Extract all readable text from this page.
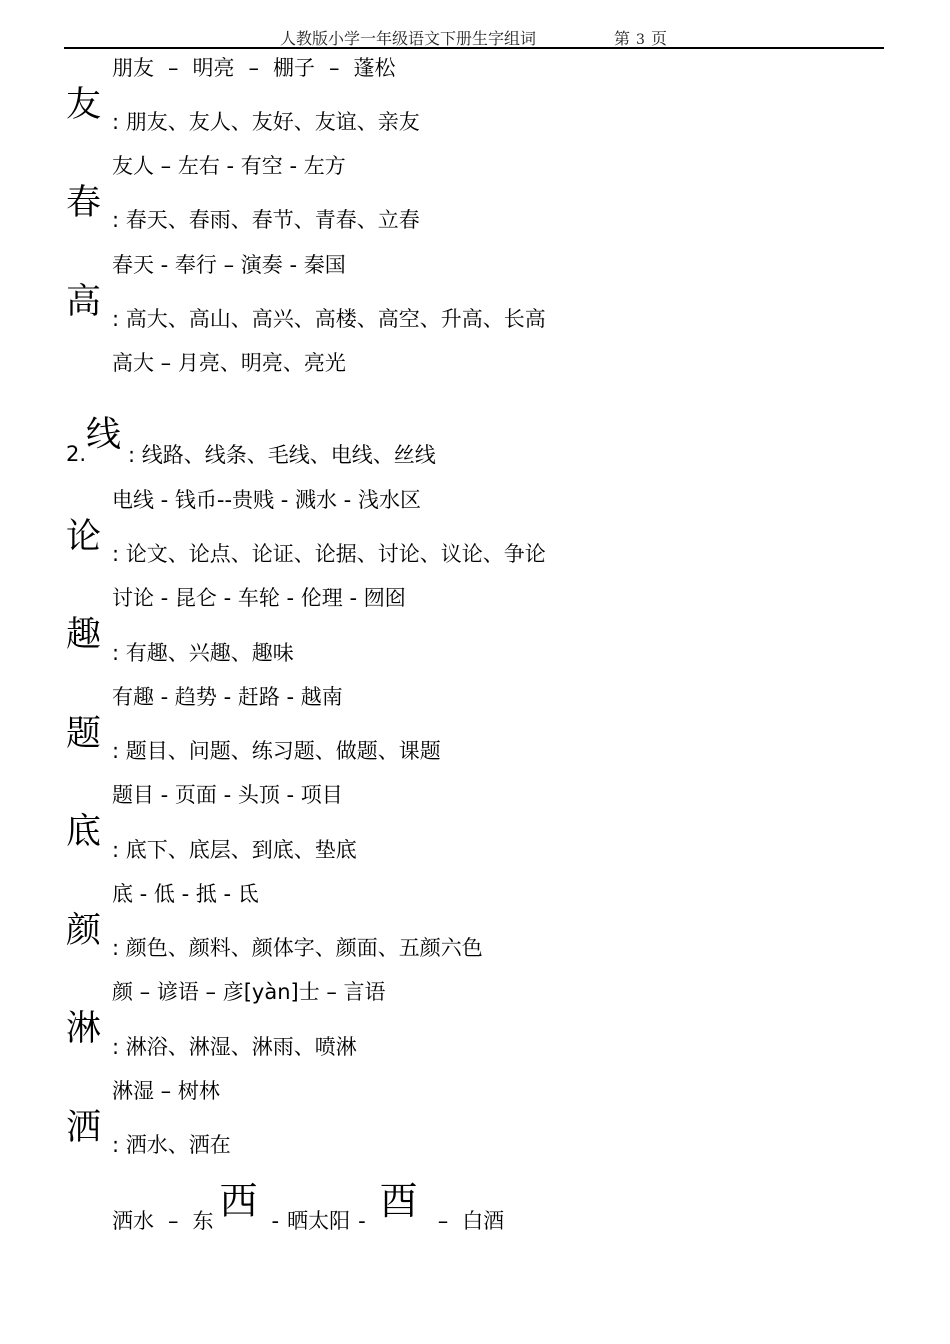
人教版小学一年级语文下册生字组词	第 3 页
朋友 – 明亮 – 棚子 – 蓬松
友 : 朋友、友人、友好、友谊、亲友
友人 – 左右 - 有空 - 左方
春 : 春天、春雨、春节、青春、立春
春天 - 奉行 – 演奏 - 秦国
高 : 高大、高山、高兴、高楼、高空、升高、长高
高大 – 月亮、明亮、亮光
2. 线 : 线路、线条、毛线、电线、丝线
电线 - 钱币--贵贱 - 溅水 - 浅水区
论 : 论文、论点、论证、论据、讨论、议论、争论
讨论 - 昆仑 - 车轮 - 伦理 - 囫囵
趣 : 有趣、兴趣、趣味
有趣 - 趋势 - 赶路 - 越南
题 : 题目、问题、练习题、做题、课题
题目 - 页面 - 头顶 - 项目
底 : 底下、底层、到底、垫底
底 - 低 - 抵 - 氐
颜 : 颜色、颜料、颜体字、颜面、五颜六色
颜 – 谚语 – 彦[yàn]士 – 言语
淋 : 淋浴、淋湿、淋雨、喷淋
淋湿 – 树林
洒 : 洒水、洒在
洒水 – 东 西 - 晒太阳 - 酉 – 白酒
